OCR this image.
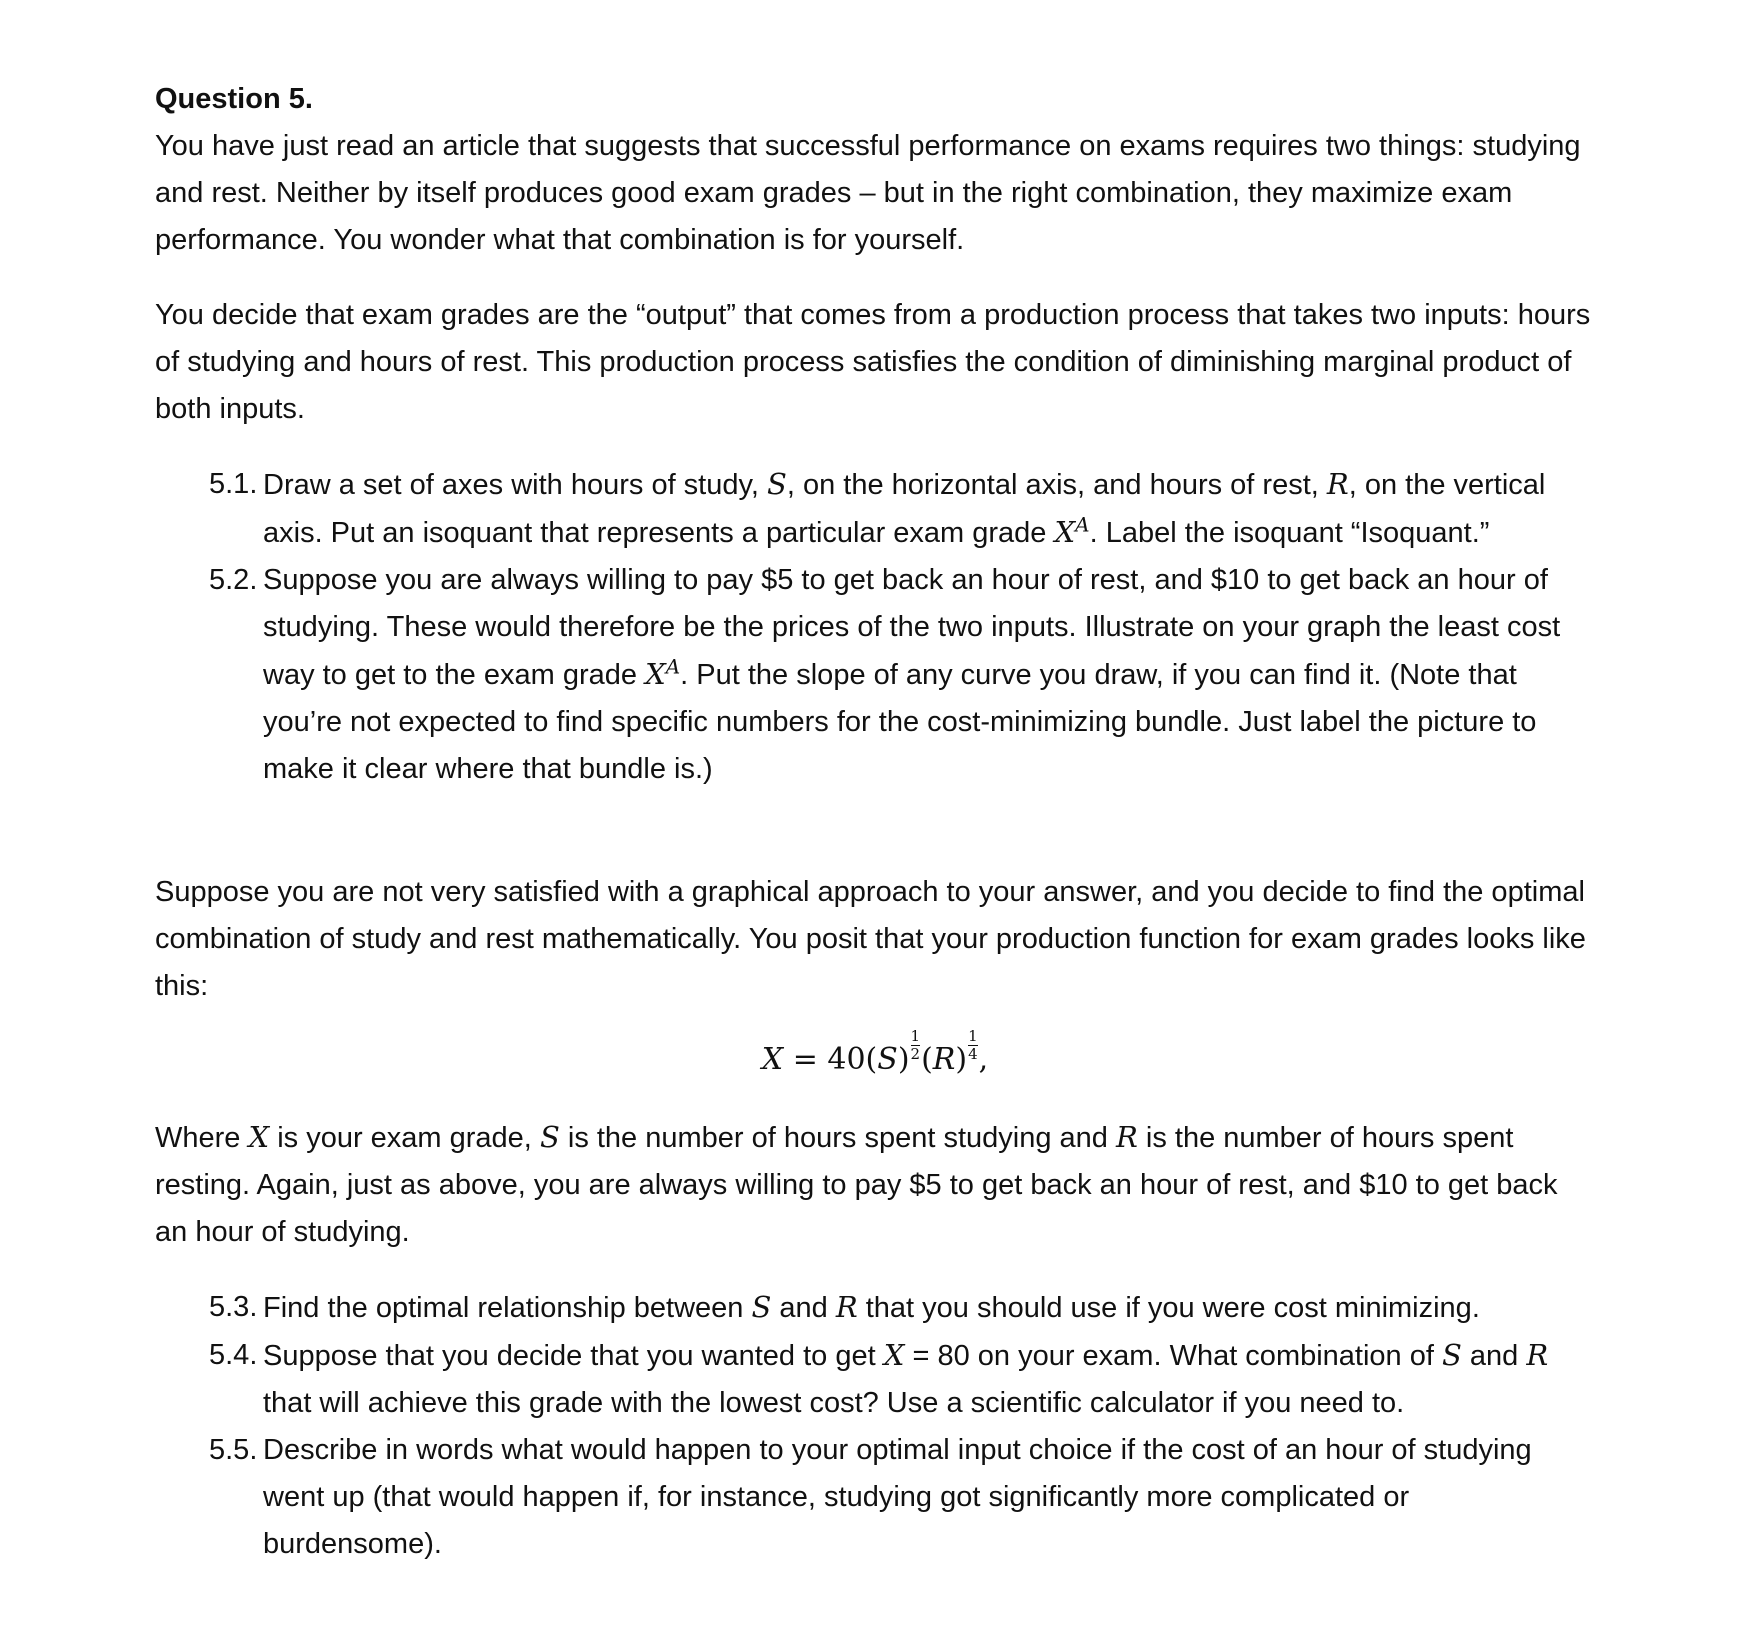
Question 5.

You have just read an article that suggests that successful performance on exams requires two things: studying and rest. Neither by itself produces good exam grades – but in the right combination, they maximize exam performance. You wonder what that combination is for yourself.

You decide that exam grades are the “output” that comes from a production process that takes two inputs: hours of studying and hours of rest. This production process satisfies the condition of diminishing marginal product of both inputs.

5.1. Draw a set of axes with hours of study, S, on the horizontal axis, and hours of rest, R, on the vertical axis. Put an isoquant that represents a particular exam grade $X^A$. Label the isoquant “Isoquant.”
5.2. Suppose you are always willing to pay $5 to get back an hour of rest, and $10 to get back an hour of studying. These would therefore be the prices of the two inputs. Illustrate on your graph the least cost way to get to the exam grade $X^A$. Put the slope of any curve you draw, if you can find it. (Note that you’re not expected to find specific numbers for the cost-minimizing bundle. Just label the picture to make it clear where that bundle is.)

Suppose you are not very satisfied with a graphical approach to your answer, and you decide to find the optimal combination of study and rest mathematically. You posit that your production function for exam grades looks like this:

$X = 40(S) \frac{1}{2} (R) \frac{1}{4}$ ,

Where X is your exam grade, S is the number of hours spent studying and R is the number of hours spent resting. Again, just as above, you are always willing to pay $5 to get back an hour of rest, and $10 to get back an hour of studying.

5.3. Find the optimal relationship between S and R that you should use if you were cost minimizing.
5.4. Suppose that you decide that you wanted to get X = 80 on your exam. What combination of S and R that will achieve this grade with the lowest cost? Use a scientific calculator if you need to.
5.5. Describe in words what would happen to your optimal input choice if the cost of an hour of studying went up (that would happen if, for instance, studying got significantly more complicated or burdensome).
